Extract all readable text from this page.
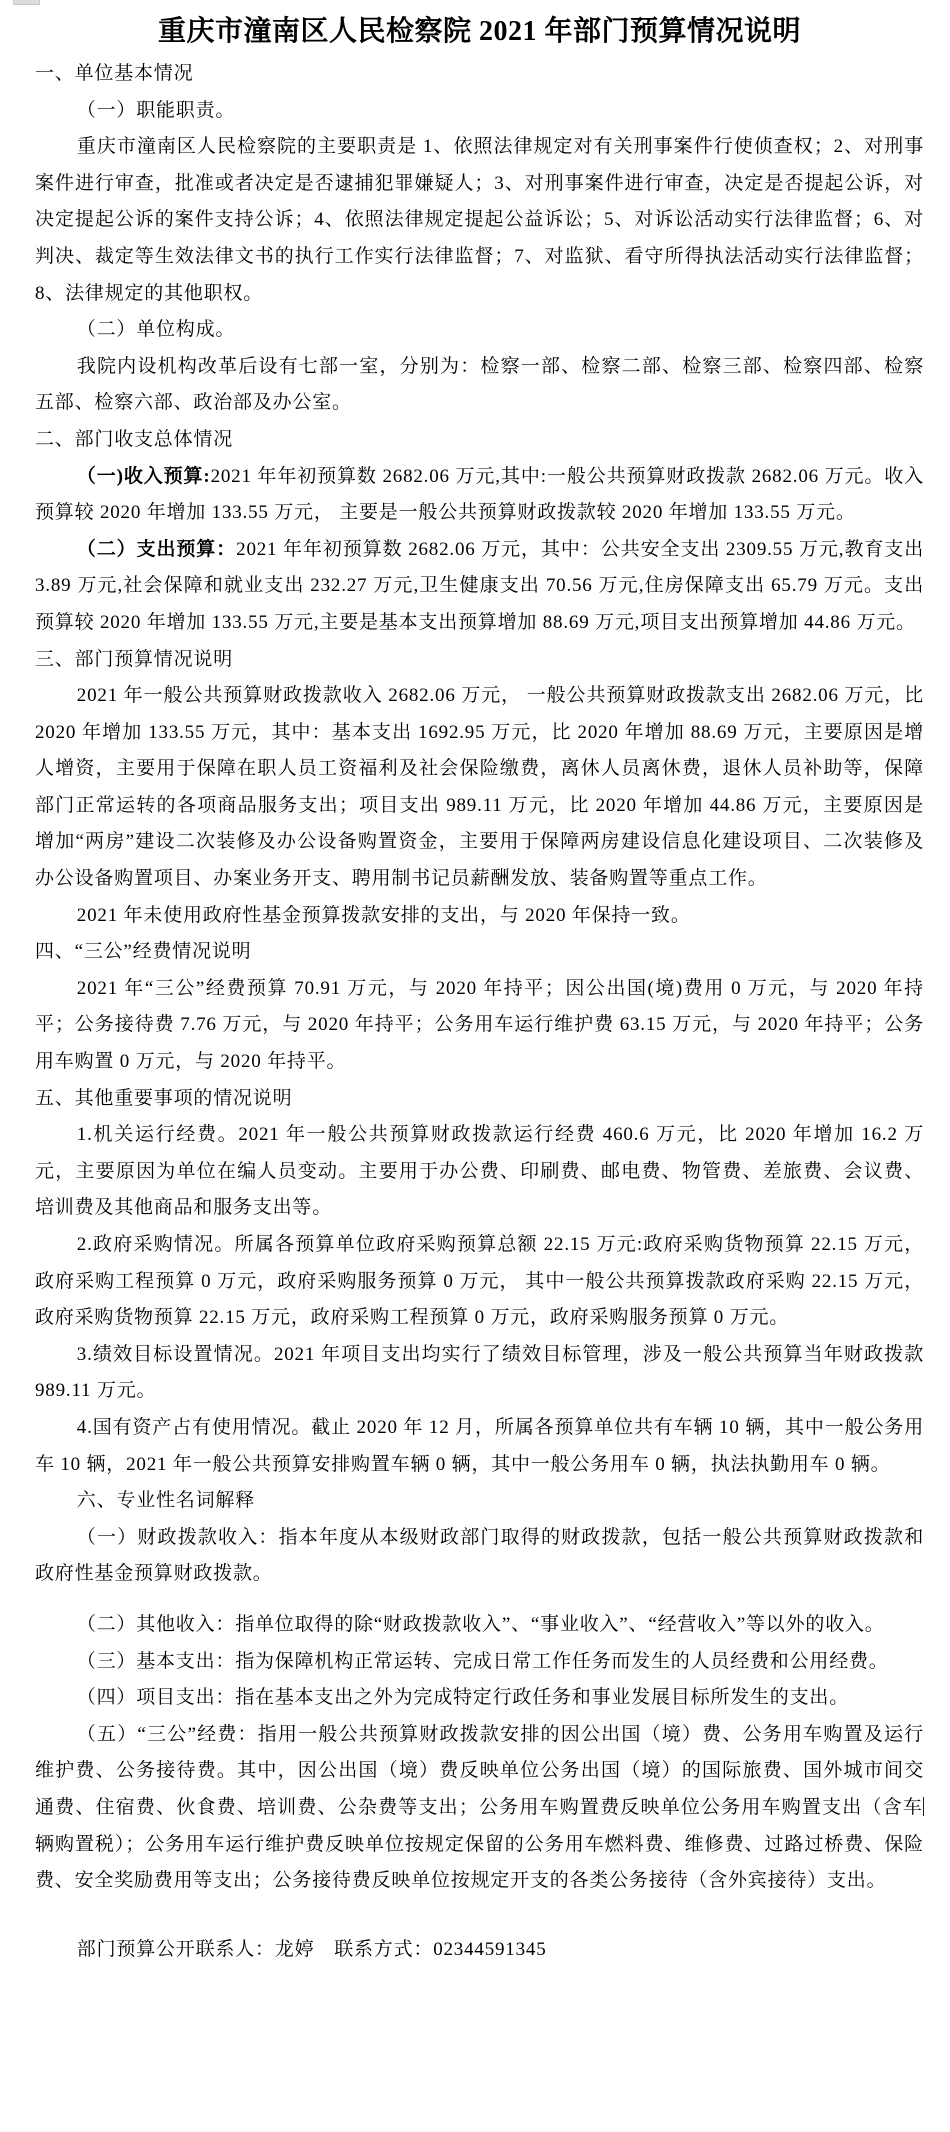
重庆市潼南区人民检察院 2021 年部门预算情况说明

一、单位基本情况

（一）职能职责。

重庆市潼南区人民检察院的主要职责是 1、依照法律规定对有关刑事案件行使侦查权；2、对刑事案件进行审查，批准或者决定是否逮捕犯罪嫌疑人；3、对刑事案件进行审查，决定是否提起公诉，对决定提起公诉的案件支持公诉；4、依照法律规定提起公益诉讼；5、对诉讼活动实行法律监督；6、对判决、裁定等生效法律文书的执行工作实行法律监督；7、对监狱、看守所得执法活动实行法律监督；8、法律规定的其他职权。

（二）单位构成。

我院内设机构改革后设有七部一室，分别为：检察一部、检察二部、检察三部、检察四部、检察五部、检察六部、政治部及办公室。

二、部门收支总体情况

（一)收入预算:2021 年年初预算数 2682.06 万元,其中:一般公共预算财政拨款 2682.06 万元。收入预算较 2020 年增加 133.55 万元， 主要是一般公共预算财政拨款较 2020 年增加 133.55 万元。

（二）支出预算：2021 年年初预算数 2682.06 万元，其中：公共安全支出 2309.55 万元,教育支出 3.89 万元,社会保障和就业支出 232.27 万元,卫生健康支出 70.56 万元,住房保障支出 65.79 万元。支出预算较 2020 年增加 133.55 万元,主要是基本支出预算增加 88.69 万元,项目支出预算增加 44.86 万元。

三、部门预算情况说明

2021 年一般公共预算财政拨款收入 2682.06 万元， 一般公共预算财政拨款支出 2682.06 万元，比 2020 年增加 133.55 万元，其中：基本支出 1692.95 万元，比 2020 年增加 88.69 万元，主要原因是增人增资，主要用于保障在职人员工资福利及社会保险缴费，离休人员离休费，退休人员补助等，保障部门正常运转的各项商品服务支出；项目支出 989.11 万元，比 2020 年增加 44.86 万元，主要原因是增加“两房”建设二次装修及办公设备购置资金，主要用于保障两房建设信息化建设项目、二次装修及办公设备购置项目、办案业务开支、聘用制书记员薪酬发放、装备购置等重点工作。

2021 年未使用政府性基金预算拨款安排的支出，与 2020 年保持一致。

四、“三公”经费情况说明

2021 年“三公”经费预算 70.91 万元，与 2020 年持平；因公出国(境)费用 0 万元，与 2020 年持平；公务接待费 7.76 万元，与 2020 年持平；公务用车运行维护费 63.15 万元，与 2020 年持平；公务用车购置 0 万元，与 2020 年持平。

五、其他重要事项的情况说明

1.机关运行经费。2021 年一般公共预算财政拨款运行经费 460.6 万元，比 2020 年增加 16.2 万元，主要原因为单位在编人员变动。主要用于办公费、印刷费、邮电费、物管费、差旅费、会议费、培训费及其他商品和服务支出等。

2.政府采购情况。所属各预算单位政府采购预算总额 22.15 万元:政府采购货物预算 22.15 万元，政府采购工程预算 0 万元，政府采购服务预算 0 万元， 其中一般公共预算拨款政府采购 22.15 万元，政府采购货物预算 22.15 万元，政府采购工程预算 0 万元，政府采购服务预算 0 万元。

3.绩效目标设置情况。2021 年项目支出均实行了绩效目标管理，涉及一般公共预算当年财政拨款 989.11 万元。

4.国有资产占有使用情况。截止 2020 年 12 月，所属各预算单位共有车辆 10 辆，其中一般公务用车 10 辆，2021 年一般公共预算安排购置车辆 0 辆，其中一般公务用车 0 辆，执法执勤用车 0 辆。

六、专业性名词解释

（一）财政拨款收入：指本年度从本级财政部门取得的财政拨款，包括一般公共预算财政拨款和政府性基金预算财政拨款。

（二）其他收入：指单位取得的除“财政拨款收入”、“事业收入”、“经营收入”等以外的收入。

（三）基本支出：指为保障机构正常运转、完成日常工作任务而发生的人员经费和公用经费。

（四）项目支出：指在基本支出之外为完成特定行政任务和事业发展目标所发生的支出。

（五）“三公”经费：指用一般公共预算财政拨款安排的因公出国（境）费、公务用车购置及运行维护费、公务接待费。其中，因公出国（境）费反映单位公务出国（境）的国际旅费、国外城市间交通费、住宿费、伙食费、培训费、公杂费等支出；公务用车购置费反映单位公务用车购置支出（含车辆购置税）；公务用车运行维护费反映单位按规定保留的公务用车燃料费、维修费、过路过桥费、保险费、安全奖励费用等支出；公务接待费反映单位按规定开支的各类公务接待（含外宾接待）支出。

部门预算公开联系人：龙婷　联系方式：02344591345
